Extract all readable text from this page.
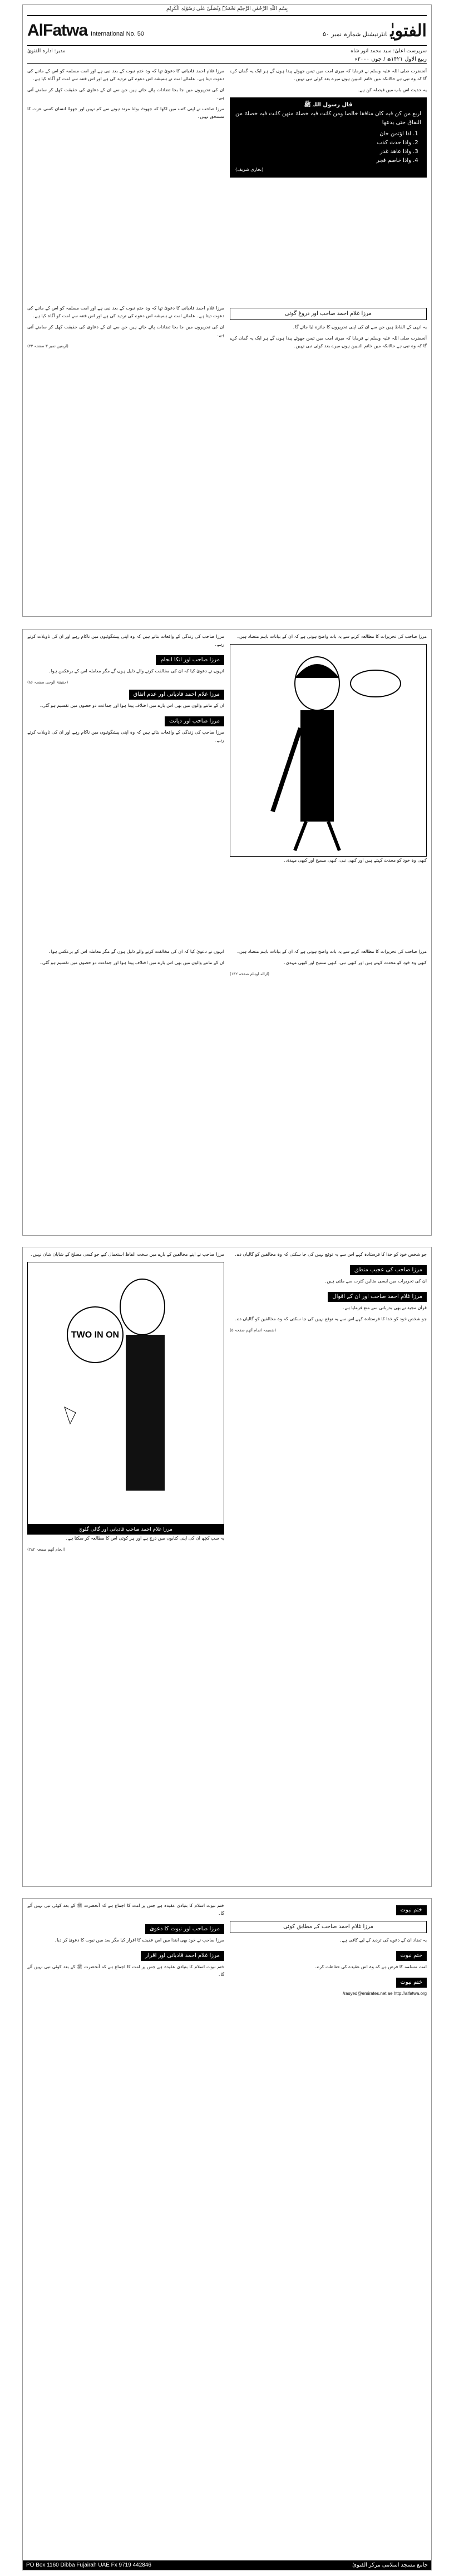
بِسْمِ اللّٰہِ الرَّحْمٰنِ الرَّحِیْمِ نَحْمَدُہٗ وَنُصَلِّیْ عَلٰی رَسُوْلِہِ الْکَرِیْمِ
AlFatwa International No. 50	الفتویٰانٹرنیشنل شمارہ نمبر ۵۰
سرپرست اعلیٰ: سید محمد انور شاہ
مدیر: ادارہ الفتویٰ
ربیع الاول ۱۴۲۱ھ / جون ۲۰۰۰ء

مرزا غلام احمد قادیانی کا دعویٰ تھا کہ وہ ختم نبوت کے بعد نبی ہے اور امت مسلمہ کو اس کے ماننے کی دعوت دیتا ہے۔ علمائے امت نے ہمیشہ اس دعوے کی تردید کی ہے اور اس فتنہ سے امت کو آگاہ کیا ہے۔

ان کی تحریروں میں جا بجا تضادات پائے جاتے ہیں جن سے ان کے دعاوی کی حقیقت کھل کر سامنے آتی ہے۔

مرزا صاحب نے اپنی کتب میں لکھا کہ جھوٹ بولنا مرتد ہونے سے کم نہیں اور جھوٹا انسان کسی عزت کا مستحق نہیں۔

آنحضرت صلی اللہ علیہ وسلم نے فرمایا کہ میری امت میں تیس جھوٹے پیدا ہوں گے ہر ایک یہ گمان کرے گا کہ وہ نبی ہے حالانکہ میں خاتم النبیین ہوں میرے بعد کوئی نبی نہیں۔

یہ حدیث اس باب میں فیصلہ کن ہے۔

قال رسول اللہ ﷺ
اربع من کن فیہ کان منافقا خالصا ومن کانت فیہ خصلۃ منھن کانت فیہ خصلۃ من النفاق حتی یدعھا
1. اذا اؤتمن خان
2. واذا حدث کذب
3. واذا عاھد غدر
4. واذا خاصم فجر
(بخاری شریف)

مرزا غلام احمد قادیانی کا دعویٰ تھا کہ وہ ختم نبوت کے بعد نبی ہے اور امت مسلمہ کو اس کے ماننے کی دعوت دیتا ہے۔ علمائے امت نے ہمیشہ اس دعوے کی تردید کی ہے اور اس فتنہ سے امت کو آگاہ کیا ہے۔

ان کی تحریروں میں جا بجا تضادات پائے جاتے ہیں جن سے ان کے دعاوی کی حقیقت کھل کر سامنے آتی ہے۔

(اربعین نمبر ۳ صفحہ ۲۳)
مرزا غلام احمد صاحب اور دروغ گوئی

یہ انہی کے الفاظ ہیں جن سے ان کی اپنی تحریروں کا جائزہ لیا جائے گا۔

آنحضرت صلی اللہ علیہ وسلم نے فرمایا کہ میری امت میں تیس جھوٹے پیدا ہوں گے ہر ایک یہ گمان کرے گا کہ وہ نبی ہے حالانکہ میں خاتم النبیین ہوں میرے بعد کوئی نبی نہیں۔

مرزا صاحب کی زندگی کے واقعات بتاتے ہیں کہ وہ اپنی پیشگوئیوں میں ناکام رہے اور ان کی تاویلات کرتے رہے۔

مرزا صاحب اور انکا انجام

انہوں نے دعویٰ کیا کہ ان کی مخالفت کرنے والے ذلیل ہوں گے مگر معاملہ اس کے برعکس ہوا۔

(حقیقۃ الوحی صفحہ ۸۶)
مرزا غلام احمد قادیانی اور عدم اتفاق

ان کے ماننے والوں میں بھی اس بارے میں اختلاف پیدا ہوا اور جماعت دو حصوں میں تقسیم ہو گئی۔

مرزا صاحب اور دیانت

مرزا صاحب کی زندگی کے واقعات بتاتے ہیں کہ وہ اپنی پیشگوئیوں میں ناکام رہے اور ان کی تاویلات کرتے رہے۔

مرزا صاحب کی تحریرات کا مطالعہ کرنے سے یہ بات واضح ہوتی ہے کہ ان کے بیانات باہم متضاد ہیں۔

کبھی وہ خود کو محدث کہتے ہیں اور کبھی نبی، کبھی مسیح اور کبھی مہدی۔

انہوں نے دعویٰ کیا کہ ان کی مخالفت کرنے والے ذلیل ہوں گے مگر معاملہ اس کے برعکس ہوا۔

ان کے ماننے والوں میں بھی اس بارے میں اختلاف پیدا ہوا اور جماعت دو حصوں میں تقسیم ہو گئی۔

مرزا صاحب کی تحریرات کا مطالعہ کرنے سے یہ بات واضح ہوتی ہے کہ ان کے بیانات باہم متضاد ہیں۔

کبھی وہ خود کو محدث کہتے ہیں اور کبھی نبی، کبھی مسیح اور کبھی مہدی۔

(ازالہ اوہام صفحہ ۱۴۲)

مرزا صاحب نے اپنے مخالفین کے بارے میں سخت الفاظ استعمال کیے جو کسی مصلح کے شایان شان نہیں۔

TWO IN ON
مرزا غلام احمد صاحب قادیانی اور گالی گلوچ

یہ سب کچھ ان کی اپنی کتابوں میں درج ہے اور ہر کوئی اس کا مطالعہ کر سکتا ہے۔

(انجام آتھم صفحہ ۲۸۲)

جو شخص خود کو خدا کا فرستادہ کہے اس سے یہ توقع نہیں کی جا سکتی کہ وہ مخالفین کو گالیاں دے۔

مرزا صاحب کی عجیب منطق

ان کی تحریرات میں ایسی مثالیں کثرت سے ملتی ہیں۔

مرزا غلام احمد صاحب اور ان کے اقوال

قرآن مجید نے بھی بدزبانی سے منع فرمایا ہے۔

جو شخص خود کو خدا کا فرستادہ کہے اس سے یہ توقع نہیں کی جا سکتی کہ وہ مخالفین کو گالیاں دے۔

(ضمیمہ انجام آتھم صفحہ ۵)

ختم نبوت اسلام کا بنیادی عقیدہ ہے جس پر امت کا اجماع ہے کہ آنحضرت ﷺ کے بعد کوئی نبی نہیں آئے گا۔

مرزا صاحب اور نبوت کا دعویٰ

مرزا صاحب نے خود بھی ابتدا میں اس عقیدے کا اقرار کیا مگر بعد میں نبوت کا دعویٰ کر دیا۔

مرزا غلام احمد قادیانی اور اقرار

ختم نبوت اسلام کا بنیادی عقیدہ ہے جس پر امت کا اجماع ہے کہ آنحضرت ﷺ کے بعد کوئی نبی نہیں آئے گا۔

ختم نبوت
مرزا غلام احمد صاحب کے مطابق کوئی

یہ تضاد ان کے دعوے کی تردید کے لیے کافی ہے۔

ختم نبوت

امت مسلمہ کا فرض ہے کہ وہ اس عقیدے کی حفاظت کرے۔

ختم نبوت
rasyed@emirates.net.ae http://alfatwa.org/
PO Box 1160 Dibba Fujairah UAE Fx 9719 442846	جامع مسجد اسلامی مرکز الفتویٰ
